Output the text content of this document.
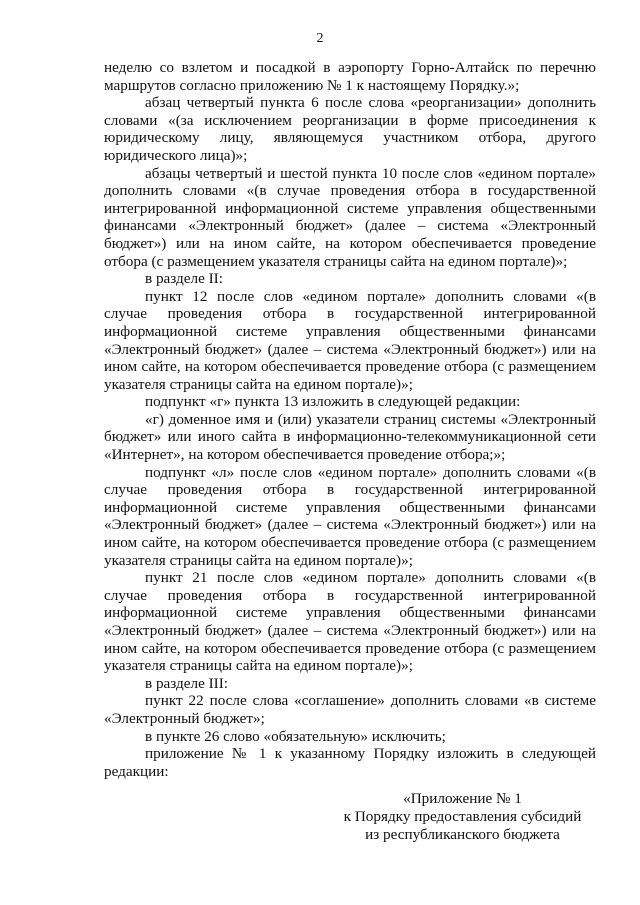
2

неделю со взлетом и посадкой в аэропорту Горно-Алтайск по перечню маршрутов согласно приложению № 1 к настоящему Порядку.»;

абзац четвертый пункта 6 после слова «реорганизации» дополнить словами «(за исключением реорганизации в форме присоединения к юридическому лицу, являющемуся участником отбора, другого юридического лица)»;

абзацы четвертый и шестой пункта 10 после слов «едином портале» дополнить словами «(в случае проведения отбора в государственной интегрированной информационной системе управления общественными финансами «Электронный бюджет» (далее – система «Электронный бюджет») или на ином сайте, на котором обеспечивается проведение отбора (с размещением указателя страницы сайта на едином портале)»;

в разделе II:

пункт 12 после слов «едином портале» дополнить словами «(в случае проведения отбора в государственной интегрированной информационной системе управления общественными финансами «Электронный бюджет» (далее – система «Электронный бюджет») или на ином сайте, на котором обеспечивается проведение отбора (с размещением указателя страницы сайта на едином портале)»;

подпункт «г» пункта 13 изложить в следующей редакции:

«г) доменное имя и (или) указатели страниц системы «Электронный бюджет» или иного сайта в информационно-телекоммуникационной сети «Интернет», на котором обеспечивается проведение отбора;»;

подпункт «л» после слов «едином портале» дополнить словами «(в случае проведения отбора в государственной интегрированной информационной системе управления общественными финансами «Электронный бюджет» (далее – система «Электронный бюджет») или на ином сайте, на котором обеспечивается проведение отбора (с размещением указателя страницы сайта на едином портале)»;

пункт 21 после слов «едином портале» дополнить словами «(в случае проведения отбора в государственной интегрированной информационной системе управления общественными финансами «Электронный бюджет» (далее – система «Электронный бюджет») или на ином сайте, на котором обеспечивается проведение отбора (с размещением указателя страницы сайта на едином портале)»;

в разделе III:

пункт 22 после слова «соглашение» дополнить словами «в системе «Электронный бюджет»;

в пункте 26 слово «обязательную» исключить;

приложение № 1 к указанному Порядку изложить в следующей редакции:

«Приложение № 1
к Порядку предоставления субсидий
из республиканского бюджета
